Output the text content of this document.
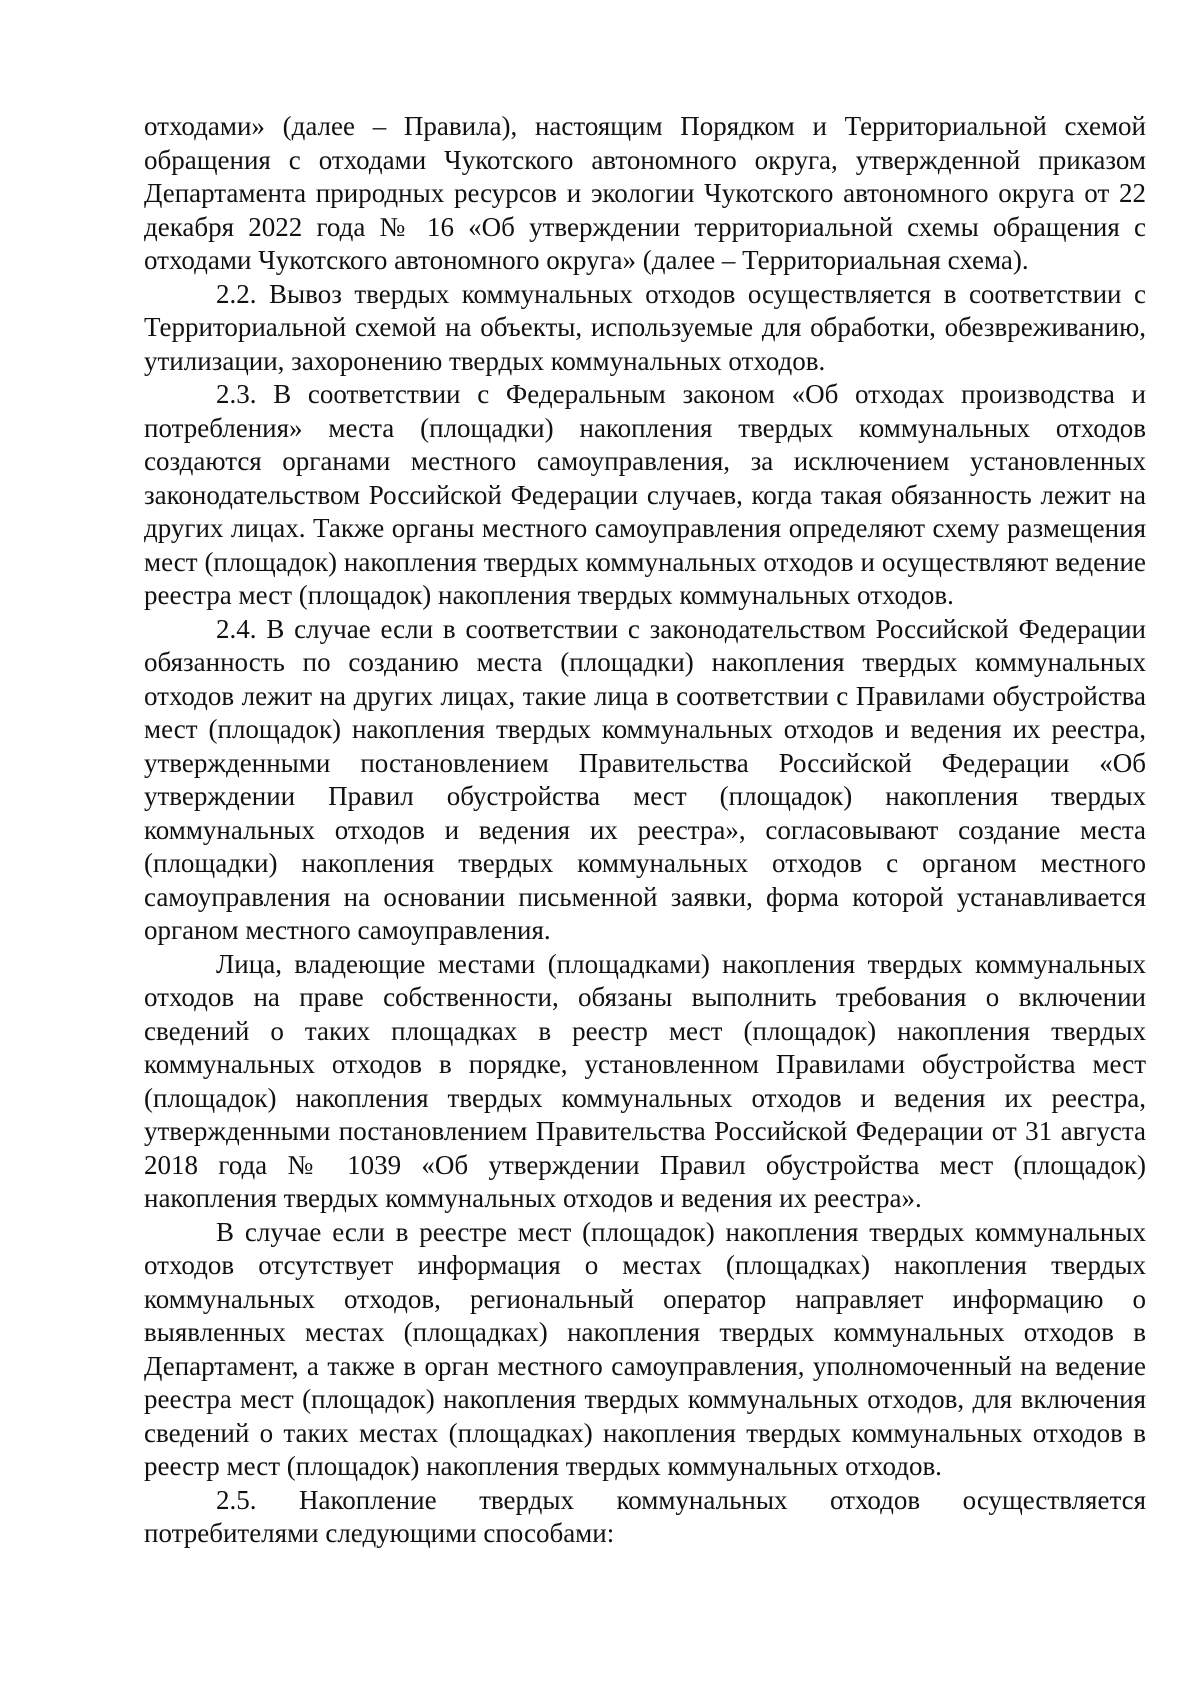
отходами» (далее – Правила), настоящим Порядком и Территориальной схемой обращения с отходами Чукотского автономного округа, утвержденной приказом Департамента природных ресурсов и экологии Чукотского автономного округа от 22 декабря 2022 года № 16 «Об утверждении территориальной схемы обращения с отходами Чукотского автономного округа» (далее – Территориальная схема).

2.2. Вывоз твердых коммунальных отходов осуществляется в соответствии с Территориальной схемой на объекты, используемые для обработки, обезвреживанию, утилизации, захоронению твердых коммунальных отходов.

2.3. В соответствии с Федеральным законом «Об отходах производства и потребления» места (площадки) накопления твердых коммунальных отходов создаются органами местного самоуправления, за исключением установленных законодательством Российской Федерации случаев, когда такая обязанность лежит на других лицах. Также органы местного самоуправления определяют схему размещения мест (площадок) накопления твердых коммунальных отходов и осуществляют ведение реестра мест (площадок) накопления твердых коммунальных отходов.

2.4. В случае если в соответствии с законодательством Российской Федерации обязанность по созданию места (площадки) накопления твердых коммунальных отходов лежит на других лицах, такие лица в соответствии с Правилами обустройства мест (площадок) накопления твердых коммунальных отходов и ведения их реестра, утвержденными постановлением Правительства Российской Федерации «Об утверждении Правил обустройства мест (площадок) накопления твердых коммунальных отходов и ведения их реестра», согласовывают создание места (площадки) накопления твердых коммунальных отходов с органом местного самоуправления на основании письменной заявки, форма которой устанавливается органом местного самоуправления.

Лица, владеющие местами (площадками) накопления твердых коммунальных отходов на праве собственности, обязаны выполнить требования о включении сведений о таких площадках в реестр мест (площадок) накопления твердых коммунальных отходов в порядке, установленном Правилами обустройства мест (площадок) накопления твердых коммунальных отходов и ведения их реестра, утвержденными постановлением Правительства Российской Федерации от 31 августа 2018 года № 1039 «Об утверждении Правил обустройства мест (площадок) накопления твердых коммунальных отходов и ведения их реестра».

В случае если в реестре мест (площадок) накопления твердых коммунальных отходов отсутствует информация о местах (площадках) накопления твердых коммунальных отходов, региональный оператор направляет информацию о выявленных местах (площадках) накопления твердых коммунальных отходов в Департамент, а также в орган местного самоуправления, уполномоченный на ведение реестра мест (площадок) накопления твердых коммунальных отходов, для включения сведений о таких местах (площадках) накопления твердых коммунальных отходов в реестр мест (площадок) накопления твердых коммунальных отходов.

2.5. Накопление твердых коммунальных отходов осуществляется потребителями следующими способами:
